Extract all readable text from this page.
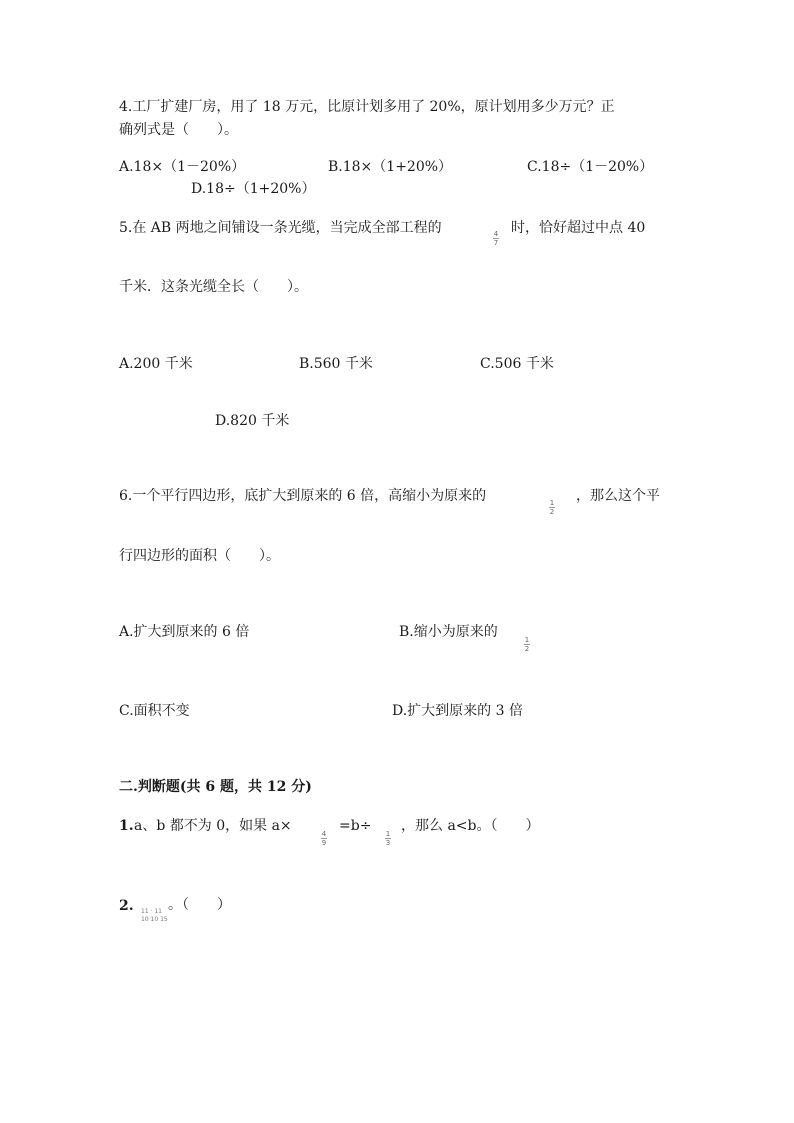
4.工厂扩建厂房，用了 18 万元，比原计划多用了 20%，原计划用多少万元？正
确列式是（　　）。
A.18×（1－20%）	B.18×（1+20%）	C.18÷（1－20%）
D.18÷（1+20%）
5.在 AB 两地之间铺设一条光缆，当完成全部工程的	4
7
时，恰好超过中点 40
千米．这条光缆全长（　　）。
A.200 千米	B.560 千米	C.506 千米
D.820 千米
6.一个平行四边形，底扩大到原来的 6 倍，高缩小为原来的	1
2
，那么这个平
行四边形的面积（　　）。
A.扩大到原来的 6 倍	B.缩小为原来的	1
2
C.面积不变	D.扩大到原来的 3 倍
二.判断题(共 6 题，共 12 分)
1. a、b 都不为 0，如果 a×	4
9
=b÷ 1
3
，那么 a<b。（　　）
2. 11 · 11
10 10 15
。（　　）
